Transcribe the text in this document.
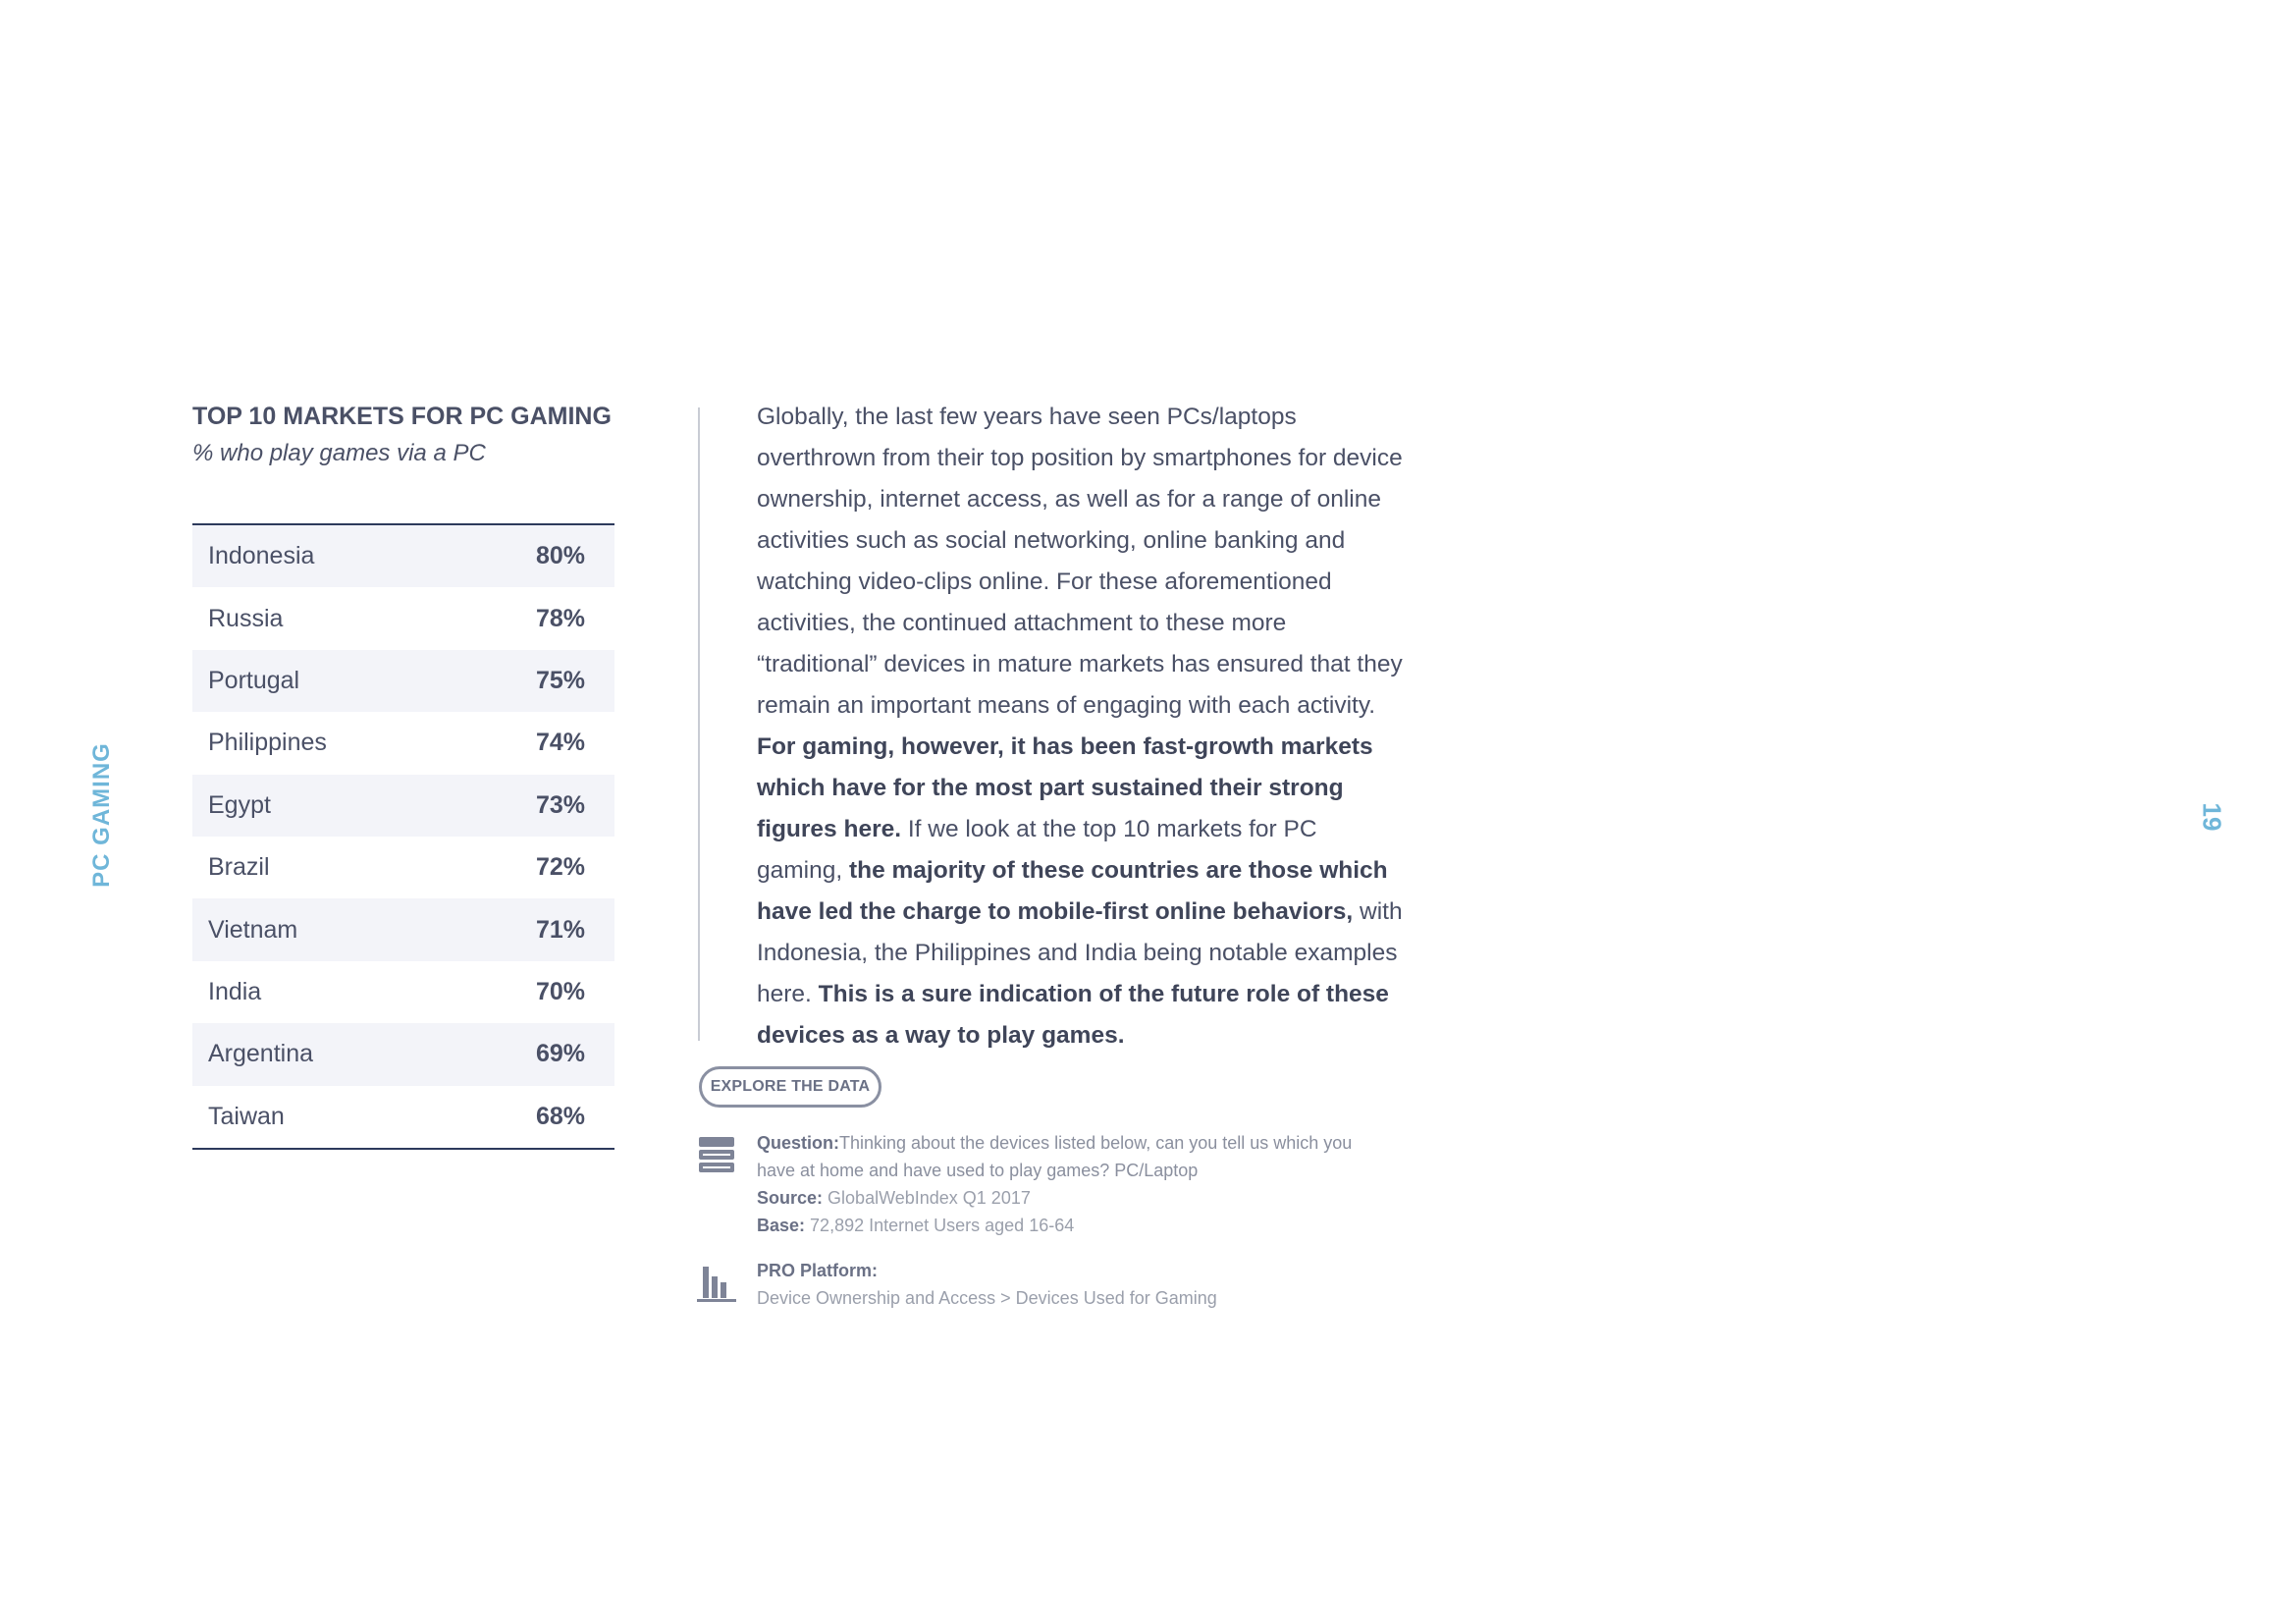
PC GAMING	19
TOP 10 MARKETS FOR PC GAMING
% who play games via a PC
Indonesia	80%
Russia	78%
Portugal	75%
Philippines	74%
Egypt	73%
Brazil	72%
Vietnam	71%
India	70%
Argentina	69%
Taiwan	68%

Globally, the last few years have seen PCs/laptops overthrown from their top position by smartphones for device ownership, internet access, as well as for a range of online activities such as social networking, online banking and watching video-clips online. For these aforementioned activities, the continued attachment to these more “traditional” devices in mature markets has ensured that they remain an important means of engaging with each activity. For gaming, however, it has been fast-growth markets which have for the most part sustained their strong figures here. If we look at the top 10 markets for PC gaming, the majority of these countries are those which have led the charge to mobile-first online behaviors, with Indonesia, the Philippines and India being notable examples here. This is a sure indication of the future role of these devices as a way to play games.

EXPLORE THE DATA
Question:Thinking about the devices listed below, can you tell us which you have at home and have used to play games? PC/Laptop
Source: GlobalWebIndex Q1 2017
Base: 72,892 Internet Users aged 16-64
PRO Platform:
Device Ownership and Access > Devices Used for Gaming
